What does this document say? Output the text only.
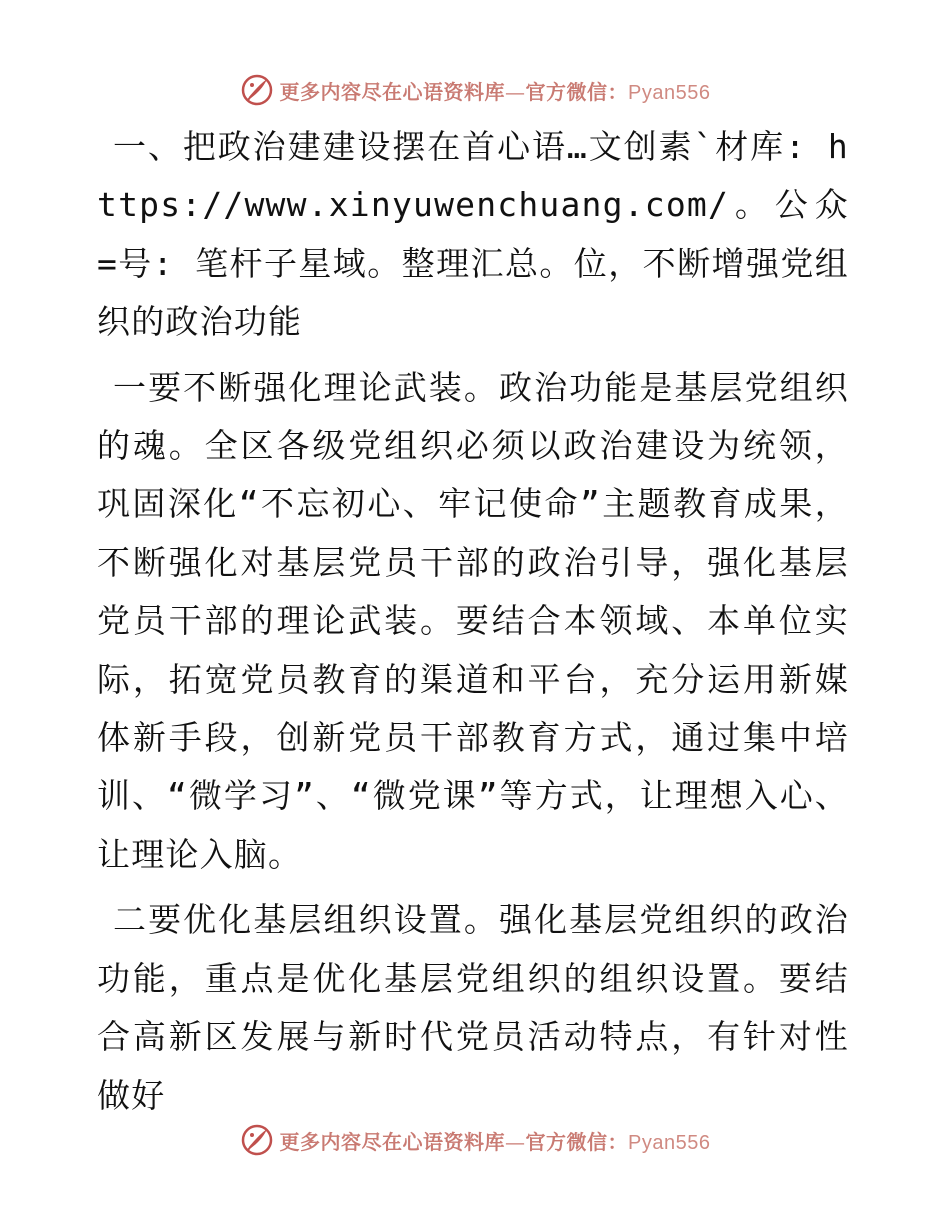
更多内容尽在心语资料库—官方微信：Pyan556

一、把政治建建设摆在首心语…文创素`材库: https://www.xinyuwenchuang.com/。公众=号: 笔杆子星域。整理汇总。位，不断增强党组织的政治功能

一要不断强化理论武装。政治功能是基层党组织的魂。全区各级党组织必须以政治建设为统领，巩固深化“不忘初心、牢记使命”主题教育成果，不断强化对基层党员干部的政治引导，强化基层党员干部的理论武装。要结合本领域、本单位实际，拓宽党员教育的渠道和平台，充分运用新媒体新手段，创新党员干部教育方式，通过集中培训、“微学习”、“微党课”等方式，让理想入心、让理论入脑。

二要优化基层组织设置。强化基层党组织的政治功能，重点是优化基层党组织的组织设置。要结合高新区发展与新时代党员活动特点，有针对性做好

更多内容尽在心语资料库—官方微信：Pyan556
